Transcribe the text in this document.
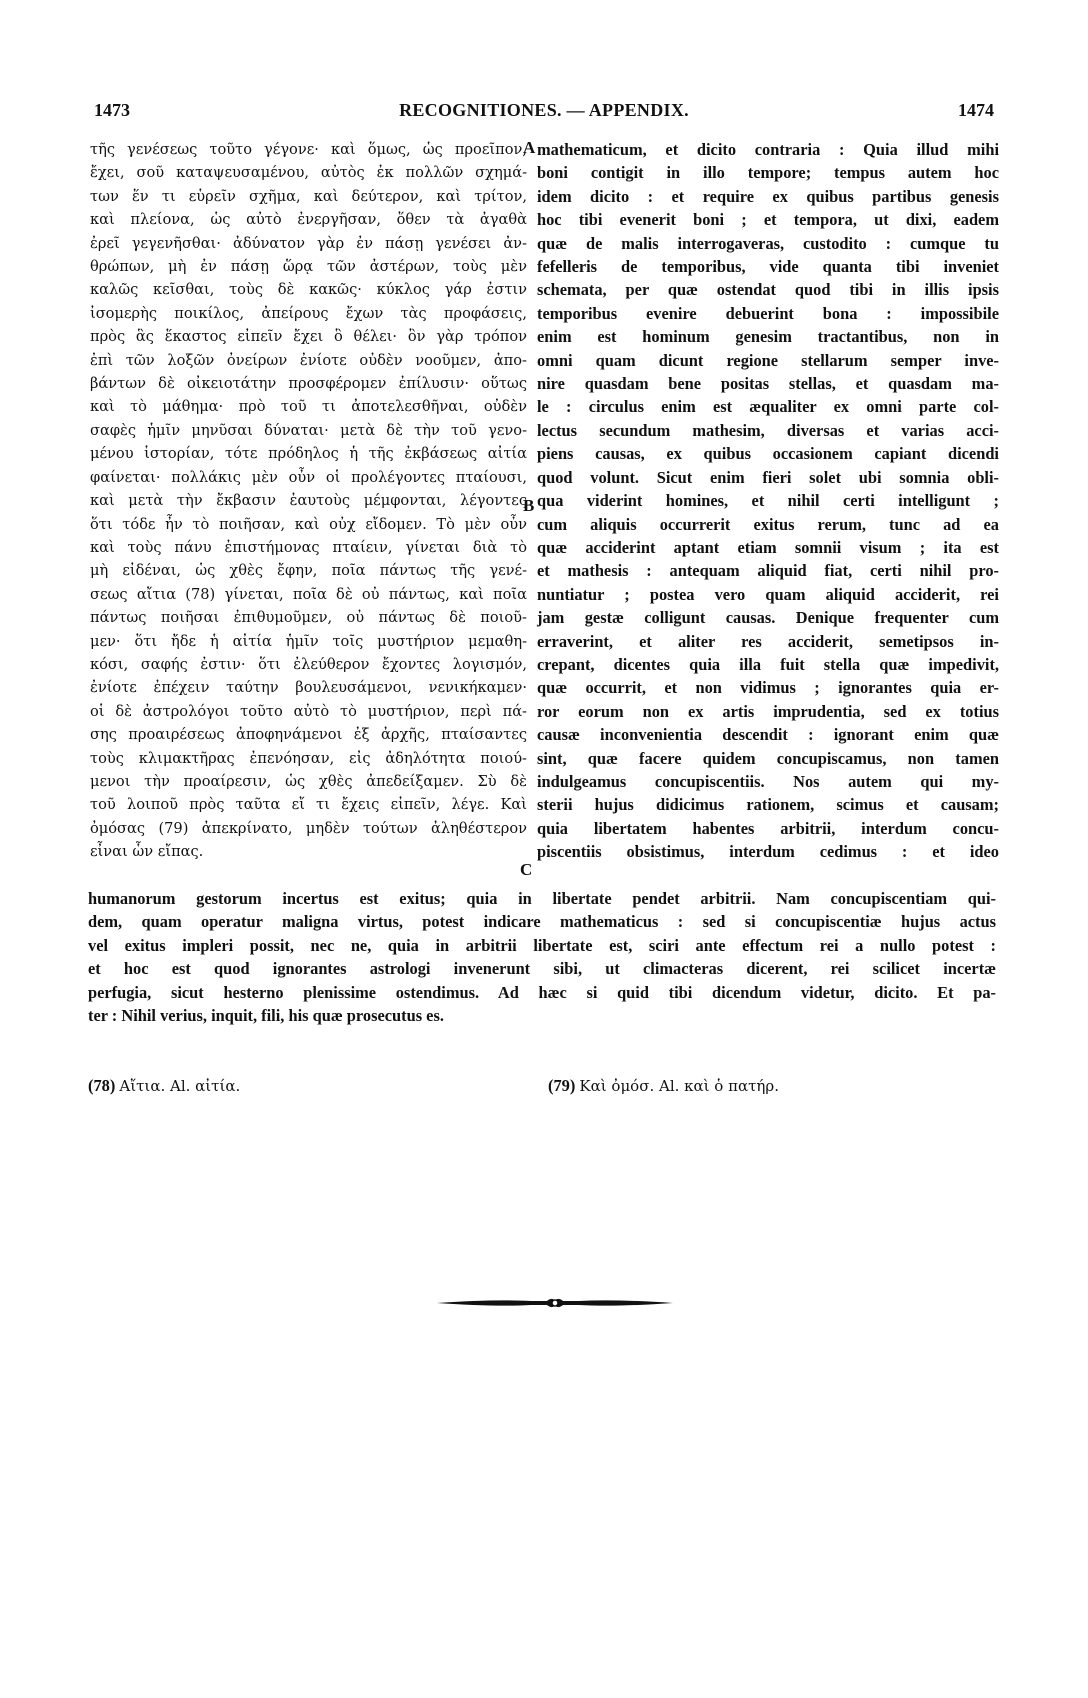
1473	RECOGNITIONES. — APPENDIX.	1474
A
B
C
τῆς γενέσεως τοῦτο γέγονε· καὶ ὅμως, ὡς προεῖπον,
ἔχει, σοῦ καταψευσαμένου, αὐτὸς ἐκ πολλῶν σχημά-
των ἕν τι εὑρεῖν σχῆμα, καὶ δεύτερον, καὶ τρίτον,
καὶ πλείονα, ὡς αὐτὸ ἐνεργῆσαν, ὅθεν τὰ ἀγαθὰ
ἐρεῖ γεγενῆσθαι· ἀδύνατον γὰρ ἐν πάσῃ γενέσει ἀν-
θρώπων, μὴ ἐν πάσῃ ὥρᾳ τῶν ἀστέρων, τοὺς μὲν
καλῶς κεῖσθαι, τοὺς δὲ κακῶς· κύκλος γάρ ἐστιν
ἰσομερὴς ποικίλος, ἀπείρους ἔχων τὰς προφάσεις,
πρὸς ἃς ἕκαστος εἰπεῖν ἔχει ὃ θέλει· ὃν γὰρ τρόπον
ἐπὶ τῶν λοξῶν ὀνείρων ἐνίοτε οὐδὲν νοοῦμεν, ἀπο-
βάντων δὲ οἰκειοτάτην προσφέρομεν ἐπίλυσιν· οὕτως
καὶ τὸ μάθημα· πρὸ τοῦ τι ἀποτελεσθῆναι, οὐδὲν
σαφὲς ἡμῖν μηνῦσαι δύναται· μετὰ δὲ τὴν τοῦ γενο-
μένου ἱστορίαν, τότε πρόδηλος ἡ τῆς ἐκβάσεως αἰτία
φαίνεται· πολλάκις μὲν οὖν οἱ προλέγοντες πταίουσι,
καὶ μετὰ τὴν ἔκβασιν ἑαυτοὺς μέμφονται, λέγοντες
ὅτι τόδε ἦν τὸ ποιῆσαν, καὶ οὐχ εἴδομεν. Τὸ μὲν οὖν
καὶ τοὺς πάνυ ἐπιστήμονας πταίειν, γίνεται διὰ τὸ
μὴ εἰδέναι, ὡς χθὲς ἔφην, ποῖα πάντως τῆς γενέ-
σεως αἴτια (78) γίνεται, ποῖα δὲ οὐ πάντως, καὶ ποῖα
πάντως ποιῆσαι ἐπιθυμοῦμεν, οὐ πάντως δὲ ποιοῦ-
μεν· ὅτι ἤδε ἡ αἰτία ἡμῖν τοῖς μυστήριον μεμαθη-
κόσι, σαφής ἐστιν· ὅτι ἐλεύθερον ἔχοντες λογισμόν,
ἐνίοτε ἐπέχειν ταύτην βουλευσάμενοι, νενικήκαμεν·
οἱ δὲ ἀστρολόγοι τοῦτο αὐτὸ τὸ μυστήριον, περὶ πά-
σης προαιρέσεως ἀποφηνάμενοι ἐξ ἀρχῆς, πταίσαντες
τοὺς κλιμακτῆρας ἐπενόησαν, εἰς ἀδηλότητα ποιού-
μενοι τὴν προαίρεσιν, ὡς χθὲς ἀπεδείξαμεν. Σὺ δὲ
τοῦ λοιποῦ πρὸς ταῦτα εἴ τι ἔχεις εἰπεῖν, λέγε. Καὶ
ὀμόσας (79) ἀπεκρίνατο, μηδὲν τούτων ἀληθέστερον
εἶναι ὧν εἴπας.
mathematicum, et dicito contraria : Quia illud mihi
boni contigit in illo tempore; tempus autem hoc
idem dicito : et require ex quibus partibus genesis
hoc tibi evenerit boni ; et tempora, ut dixi, eadem
quæ de malis interrogaveras, custodito : cumque tu
fefelleris de temporibus, vide quanta tibi inveniet
schemata, per quæ ostendat quod tibi in illis ipsis
temporibus evenire debuerint bona : impossibile
enim est hominum genesim tractantibus, non in
omni quam dicunt regione stellarum semper inve-
nire quasdam bene positas stellas, et quasdam ma-
le : circulus enim est æqualiter ex omni parte col-
lectus secundum mathesim, diversas et varias acci-
piens causas, ex quibus occasionem capiant dicendi
quod volunt. Sicut enim fieri solet ubi somnia obli-
qua viderint homines, et nihil certi intelligunt ;
cum aliquis occurrerit exitus rerum, tunc ad ea
quæ acciderint aptant etiam somnii visum ; ita est
et mathesis : antequam aliquid fiat, certi nihil pro-
nuntiatur ; postea vero quam aliquid acciderit, rei
jam gestæ colligunt causas. Denique frequenter cum
erraverint, et aliter res acciderit, semetipsos in-
crepant, dicentes quia illa fuit stella quæ impedivit,
quæ occurrit, et non vidimus ; ignorantes quia er-
ror eorum non ex artis imprudentia, sed ex totius
causæ inconvenientia descendit : ignorant enim quæ
sint, quæ facere quidem concupiscamus, non tamen
indulgeamus concupiscentiis. Nos autem qui my-
sterii hujus didicimus rationem, scimus et causam;
quia libertatem habentes arbitrii, interdum concu-
piscentiis obsistimus, interdum cedimus : et ideo
humanorum gestorum incertus est exitus; quia in libertate pendet arbitrii. Nam concupiscentiam qui-
dem, quam operatur maligna virtus, potest indicare mathematicus : sed si concupiscentiæ hujus actus
vel exitus impleri possit, nec ne, quia in arbitrii libertate est, sciri ante effectum rei a nullo potest :
et hoc est quod ignorantes astrologi invenerunt sibi, ut climacteras dicerent, rei scilicet incertæ
perfugia, sicut hesterno plenissime ostendimus. Ad hæc si quid tibi dicendum videtur, dicito. Et pa-
ter : Nihil verius, inquit, fili, his quæ prosecutus es.
(78) Αἴτια. Al. αἰτία.	(79) Καὶ ὀμόσ. Al. καὶ ὁ πατήρ.
